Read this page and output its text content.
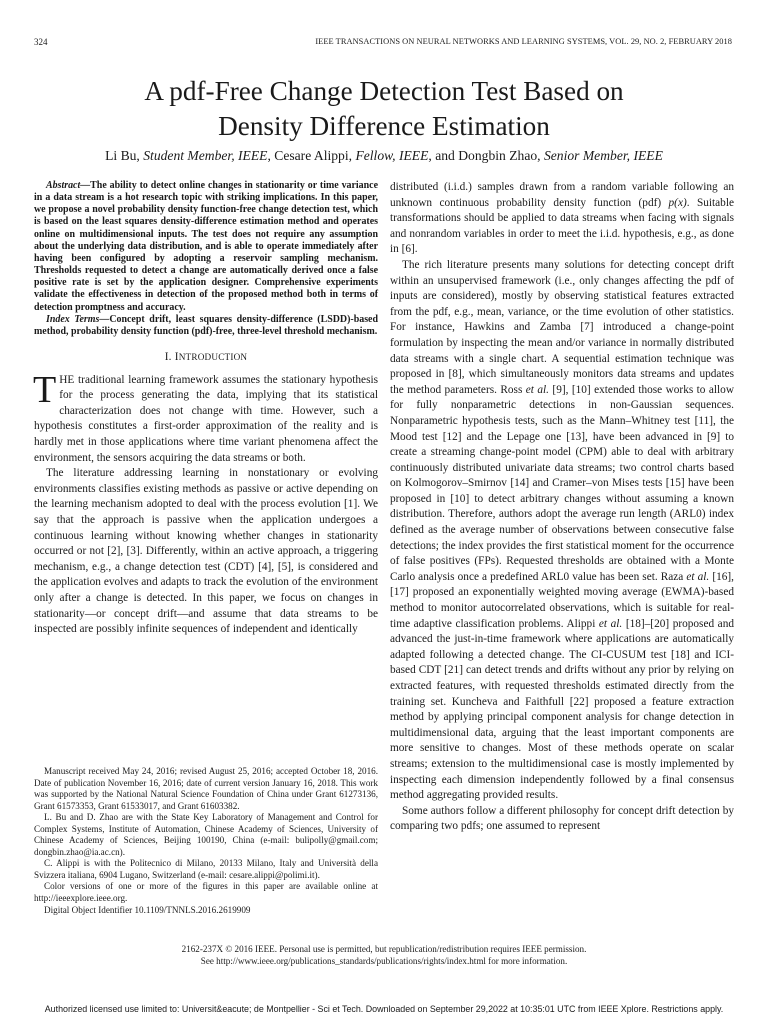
324	IEEE TRANSACTIONS ON NEURAL NETWORKS AND LEARNING SYSTEMS, VOL. 29, NO. 2, FEBRUARY 2018
A pdf-Free Change Detection Test Based on
Density Difference Estimation
Li Bu, Student Member, IEEE, Cesare Alippi, Fellow, IEEE, and Dongbin Zhao, Senior Member, IEEE

Abstract—The ability to detect online changes in stationarity or time variance in a data stream is a hot research topic with striking implications. In this paper, we propose a novel probability density function-free change detection test, which is based on the least squares density-difference estimation method and operates online on multidimensional inputs. The test does not require any assumption about the underlying data distribution, and is able to operate immediately after having been configured by adopting a reservoir sampling mechanism. Thresholds requested to detect a change are automatically derived once a false positive rate is set by the application designer. Comprehensive experiments validate the effectiveness in detection of the proposed method both in terms of detection promptness and accuracy.

Index Terms—Concept drift, least squares density-difference (LSDD)-based method, probability density function (pdf)-free, three-level threshold mechanism.

I. INTRODUCTION

THE traditional learning framework assumes the stationary hypothesis for the process generating the data, implying that its statistical characterization does not change with time. However, such a hypothesis constitutes a first-order approximation of the reality and is hardly met in those applications where time variant phenomena affect the environment, the sensors acquiring the data streams or both.

The literature addressing learning in nonstationary or evolving environments classifies existing methods as passive or active depending on the learning mechanism adopted to deal with the process evolution [1]. We say that the approach is passive when the application undergoes a continuous learning without knowing whether changes in stationarity occurred or not [2], [3]. Differently, within an active approach, a triggering mechanism, e.g., a change detection test (CDT) [4], [5], is considered and the application evolves and adapts to track the evolution of the environment only after a change is detected. In this paper, we focus on changes in stationarity—or concept drift—and assume that data streams to be inspected are possibly infinite sequences of independent and identically

Manuscript received May 24, 2016; revised August 25, 2016; accepted October 18, 2016. Date of publication November 16, 2016; date of current version January 16, 2018. This work was supported by the National Natural Science Foundation of China under Grant 61273136, Grant 61573353, Grant 61533017, and Grant 61603382.

L. Bu and D. Zhao are with the State Key Laboratory of Management and Control for Complex Systems, Institute of Automation, Chinese Academy of Sciences, University of Chinese Academy of Sciences, Beijing 100190, China (e-mail: bulipolly@gmail.com; dongbin.zhao@ia.ac.cn).

C. Alippi is with the Politecnico di Milano, 20133 Milano, Italy and Università della Svizzera italiana, 6904 Lugano, Switzerland (e-mail: cesare.alippi@polimi.it).

Color versions of one or more of the figures in this paper are available online at http://ieeexplore.ieee.org.

Digital Object Identifier 10.1109/TNNLS.2016.2619909

distributed (i.i.d.) samples drawn from a random variable following an unknown continuous probability density function (pdf) p(x). Suitable transformations should be applied to data streams when facing with signals and nonrandom variables in order to meet the i.i.d. hypothesis, e.g., as done in [6].

The rich literature presents many solutions for detecting concept drift within an unsupervised framework (i.e., only changes affecting the pdf of inputs are considered), mostly by observing statistical features extracted from the pdf, e.g., mean, variance, or the time evolution of other statistics. For instance, Hawkins and Zamba [7] introduced a change-point formulation by inspecting the mean and/or variance in normally distributed data streams with a single chart. A sequential estimation technique was proposed in [8], which simultaneously monitors data streams and updates the method parameters. Ross et al. [9], [10] extended those works to allow for fully nonparametric detections in non-Gaussian sequences. Nonparametric hypothesis tests, such as the Mann–Whitney test [11], the Mood test [12] and the Lepage one [13], have been advanced in [9] to create a streaming change-point model (CPM) able to deal with arbitrary continuously distributed univariate data streams; two control charts based on Kolmogorov–Smirnov [14] and Cramer–von Mises tests [15] have been proposed in [10] to detect arbitrary changes without assuming a known distribution. Therefore, authors adopt the average run length (ARL0) index defined as the average number of observations between consecutive false detections; the index provides the first statistical moment for the occurrence of false positives (FPs). Requested thresholds are obtained with a Monte Carlo analysis once a predefined ARL0 value has been set. Raza et al. [16], [17] proposed an exponentially weighted moving average (EWMA)-based method to monitor autocorrelated observations, which is suitable for real-time adaptive classification problems. Alippi et al. [18]–[20] proposed and advanced the just-in-time framework where applications are automatically adapted following a detected change. The CI-CUSUM test [18] and ICI-based CDT [21] can detect trends and drifts without any prior by relying on extracted features, with requested thresholds estimated directly from the training set. Kuncheva and Faithfull [22] proposed a feature extraction method by applying principal component analysis for change detection in multidimensional data, arguing that the least important components are more sensitive to changes. Most of these methods operate on scalar streams; extension to the multidimensional case is mostly implemented by inspecting each dimension independently followed by a final consensus method aggregating provided results.

Some authors follow a different philosophy for concept drift detection by comparing two pdfs; one assumed to represent

2162-237X © 2016 IEEE. Personal use is permitted, but republication/redistribution requires IEEE permission.
See http://www.ieee.org/publications_standards/publications/rights/index.html for more information.
Authorized licensed use limited to: Universit&eacute; de Montpellier - Sci et Tech. Downloaded on September 29,2022 at 10:35:01 UTC from IEEE Xplore. Restrictions apply.
